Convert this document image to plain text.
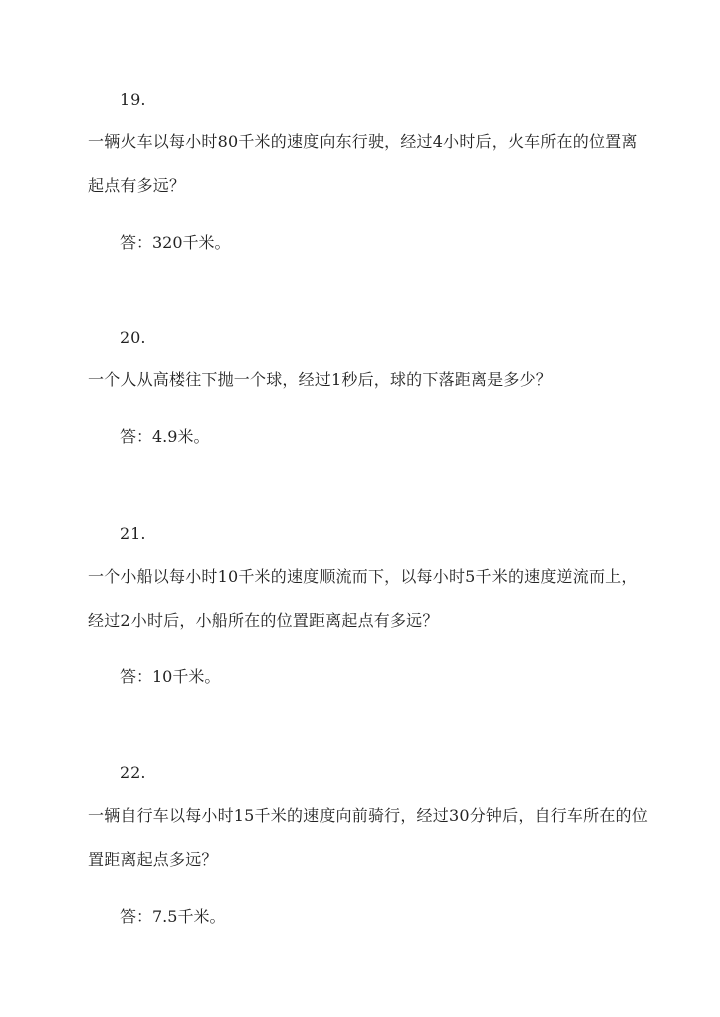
19.
一辆火车以每小时80千米的速度向东行驶，经过4小时后，火车所在的位置离起点有多远？
答：320千米。
20.
一个人从高楼往下抛一个球，经过1秒后，球的下落距离是多少？
答：4.9米。
21.
一个小船以每小时10千米的速度顺流而下，以每小时5千米的速度逆流而上，经过2小时后，小船所在的位置距离起点有多远？
答：10千米。
22.
一辆自行车以每小时15千米的速度向前骑行，经过30分钟后，自行车所在的位置距离起点多远？
答：7.5千米。
